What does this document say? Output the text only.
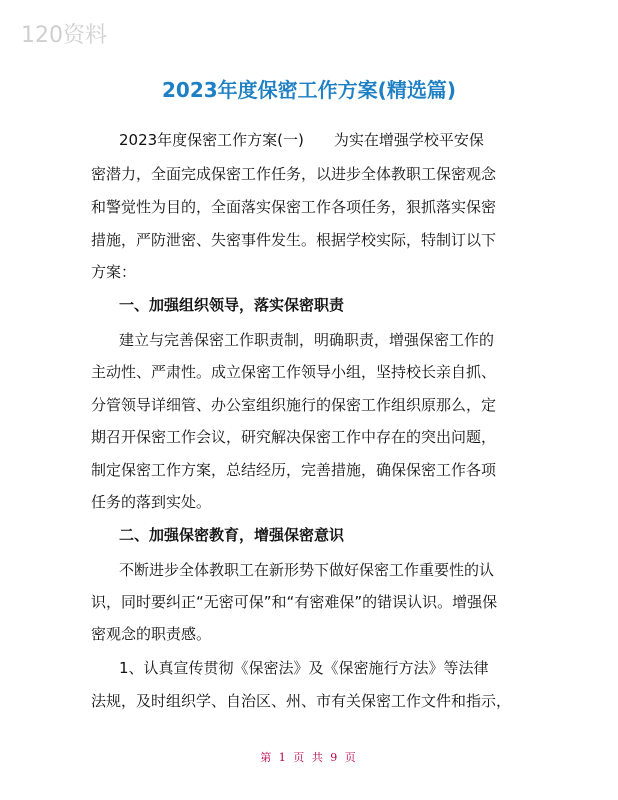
120资料
2023年度保密工作方案(精选篇)
2023年度保密工作方案(一)　　为实在增强学校平安保
密潜力，全面完成保密工作任务，以进步全体教职工保密观念
和警觉性为目的，全面落实保密工作各项任务，狠抓落实保密
措施，严防泄密、失密事件发生。根据学校实际，特制订以下
方案：
一、加强组织领导，落实保密职责
建立与完善保密工作职责制，明确职责，增强保密工作的
主动性、严肃性。成立保密工作领导小组，坚持校长亲自抓、
分管领导详细管、办公室组织施行的保密工作组织原那么，定
期召开保密工作会议，研究解决保密工作中存在的突出问题，
制定保密工作方案，总结经历，完善措施，确保保密工作各项
任务的落到实处。
二、加强保密教育，增强保密意识
不断进步全体教职工在新形势下做好保密工作重要性的认
识，同时要纠正“无密可保”和“有密难保”的错误认识。增强保
密观念的职责感。
1、认真宣传贯彻《保密法》及《保密施行方法》等法律
法规，及时组织学、自治区、州、市有关保密工作文件和指示，
第 1 页 共 9 页
